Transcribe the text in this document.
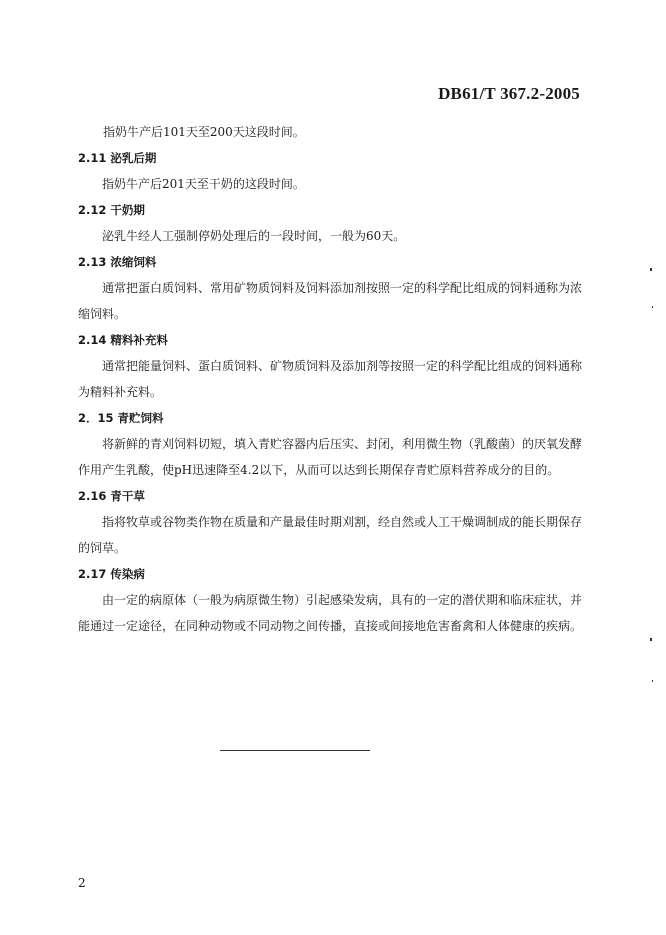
DB61/T 367.2-2005
指奶牛产后101天至200天这段时间。
2.11 泌乳后期
指奶牛产后201天至干奶的这段时间。
2.12 干奶期
泌乳牛经人工强制停奶处理后的一段时间，一般为60天。
2.13 浓缩饲料
通常把蛋白质饲料、常用矿物质饲料及饲料添加剂按照一定的科学配比组成的饲料通称为浓缩饲料。
2.14 精料补充料
通常把能量饲料、蛋白质饲料、矿物质饲料及添加剂等按照一定的科学配比组成的饲料通称为精料补充料。
2．15 青贮饲料
将新鲜的青刈饲料切短，填入青贮容器内后压实、封闭，利用微生物（乳酸菌）的厌氧发酵作用产生乳酸，使pH迅速降至4.2以下，从而可以达到长期保存青贮原料营养成分的目的。
2.16 青干草
指将牧草或谷物类作物在质量和产量最佳时期刈割，经自然或人工干燥调制成的能长期保存的饲草。
2.17 传染病
由一定的病原体（一般为病原微生物）引起感染发病，具有的一定的潜伏期和临床症状，并能通过一定途径，在同种动物或不同动物之间传播，直接或间接地危害畜禽和人体健康的疾病。
2
